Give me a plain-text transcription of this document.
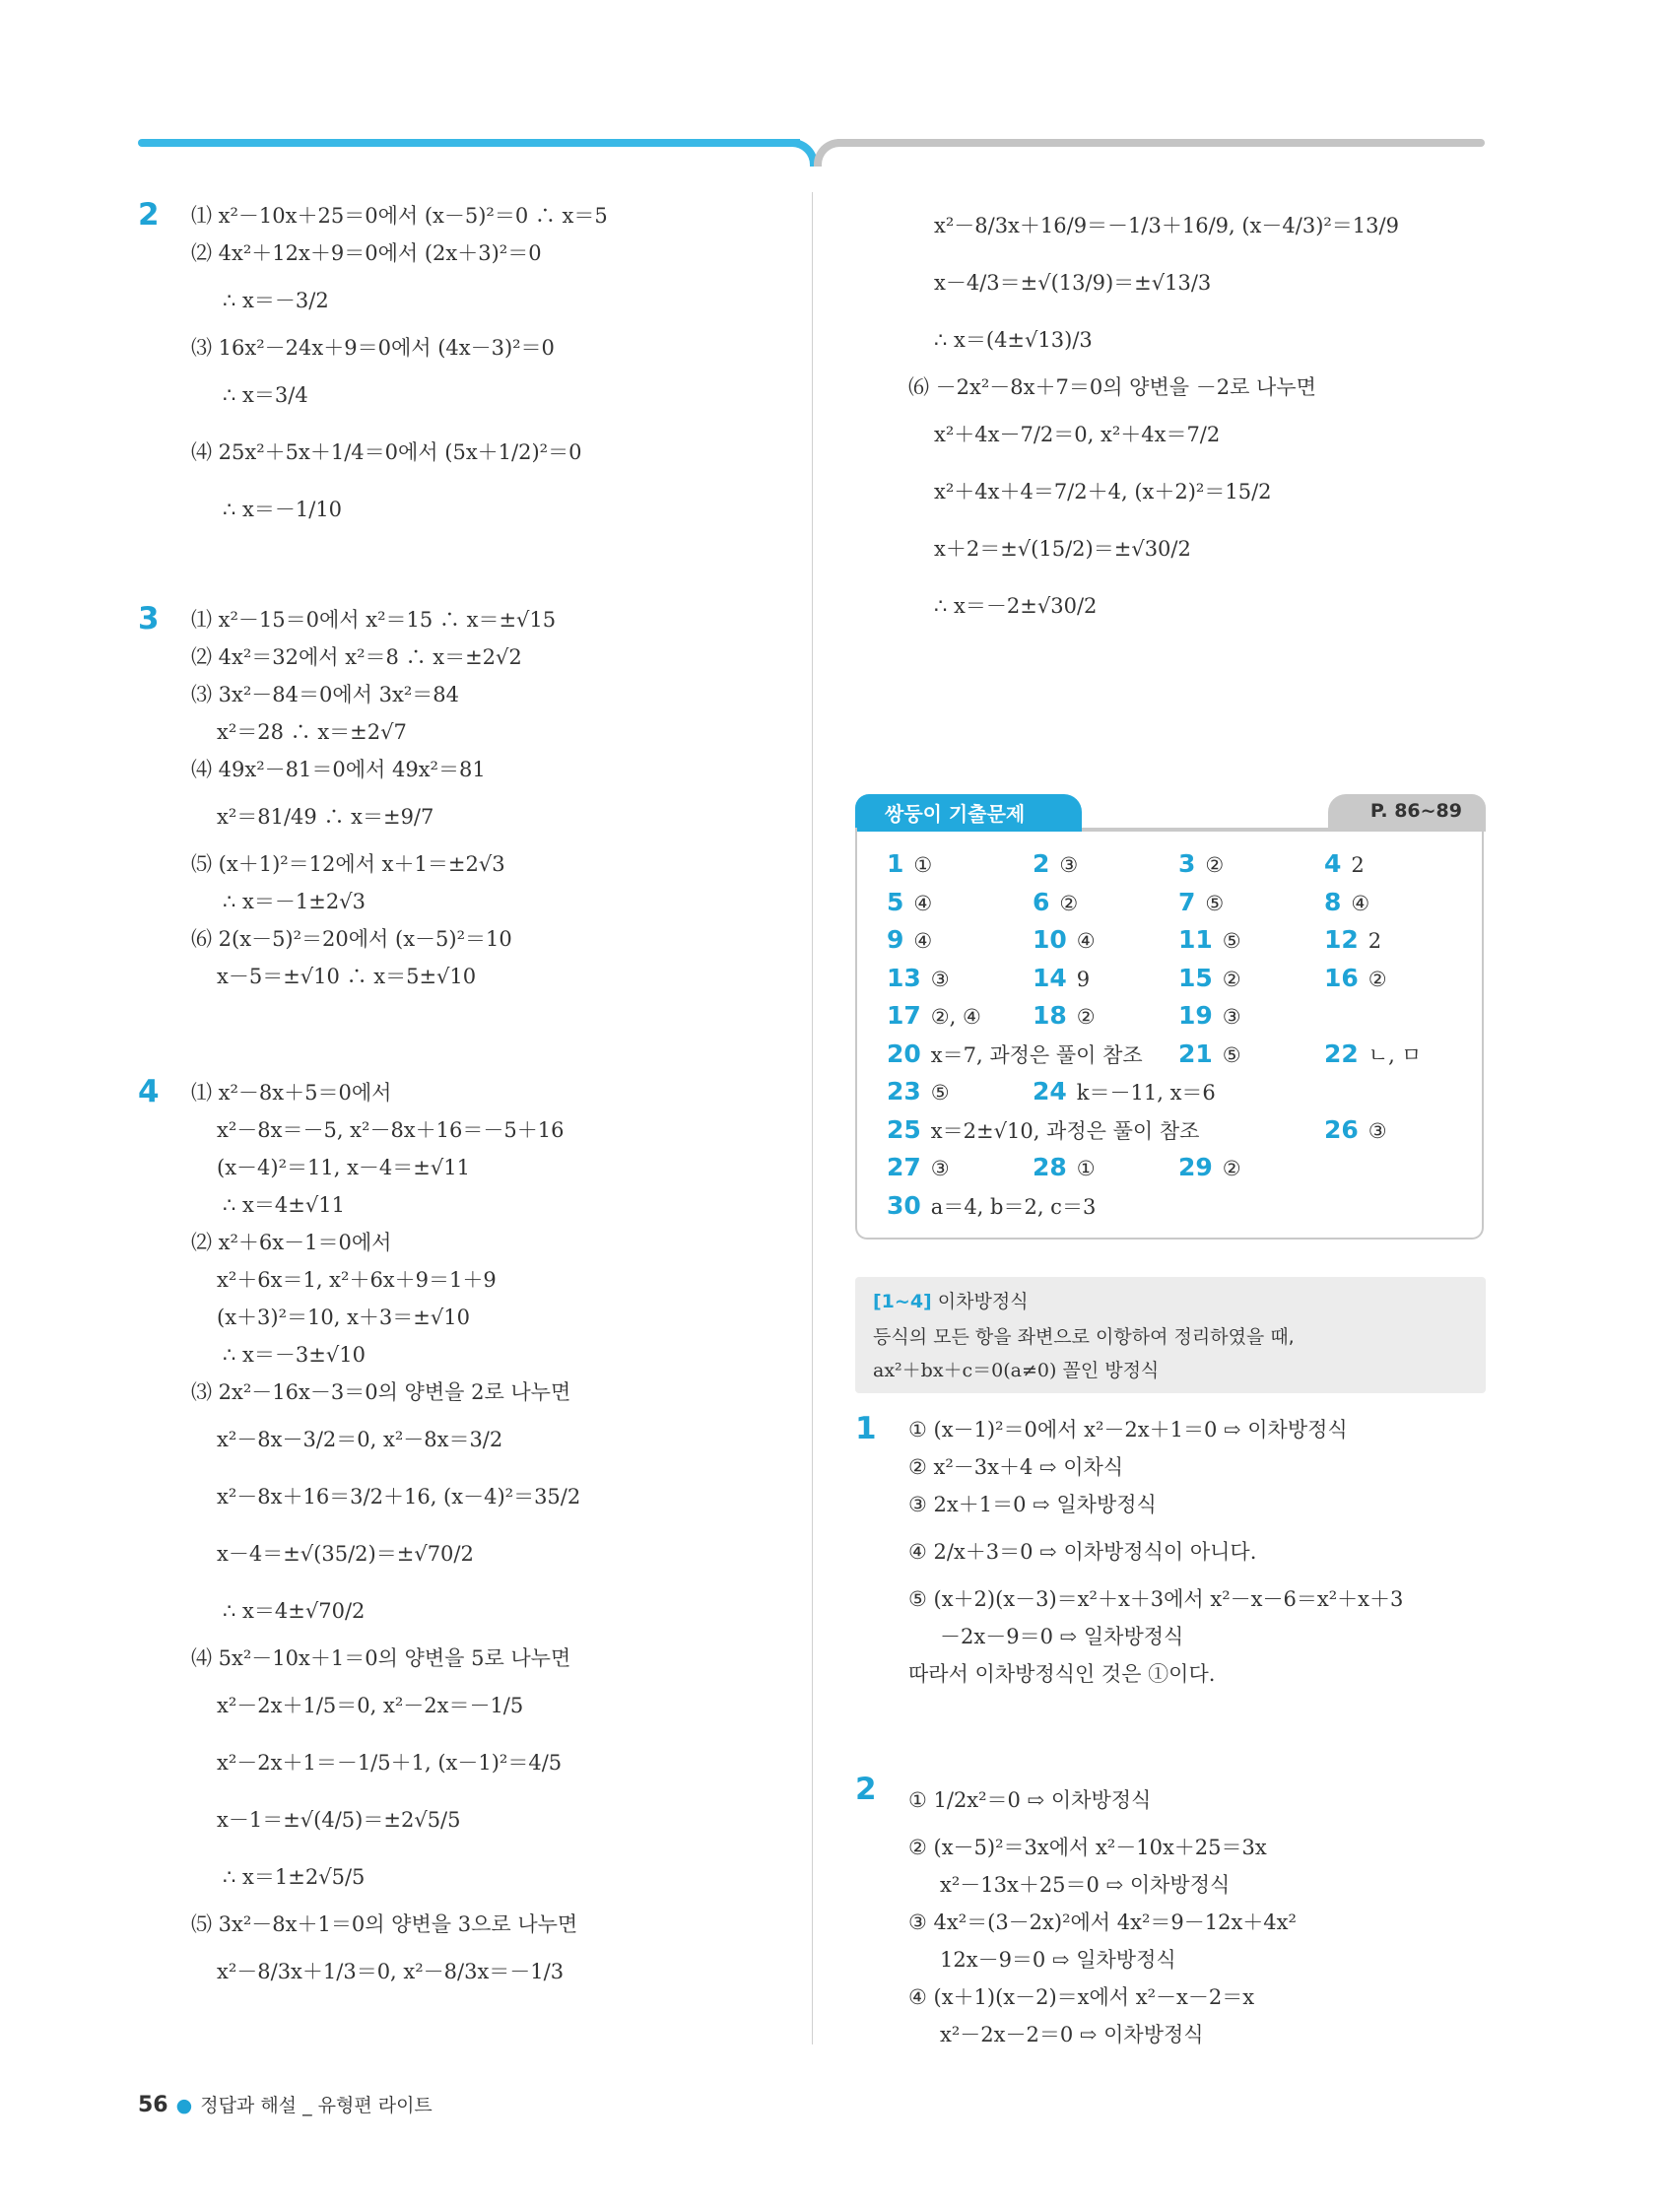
2 ⑴ x²－10x＋25＝0에서 (x－5)²＝0 ∴ x＝5
⑵ 4x²＋12x＋9＝0에서 (2x＋3)²＝0
∴ x＝－3/2
⑶ 16x²－24x＋9＝0에서 (4x－3)²＝0
∴ x＝3/4
⑷ 25x²＋5x＋1/4＝0에서 (5x＋1/2)²＝0
∴ x＝－1/10
3 ⑴ x²－15＝0에서 x²＝15 ∴ x＝±√15
⑵ 4x²＝32에서 x²＝8 ∴ x＝±2√2
⑶ 3x²－84＝0에서 3x²＝84
x²＝28 ∴ x＝±2√7
⑷ 49x²－81＝0에서 49x²＝81
x²＝81/49 ∴ x＝±9/7
⑸ (x＋1)²＝12에서 x＋1＝±2√3
∴ x＝－1±2√3
⑹ 2(x－5)²＝20에서 (x－5)²＝10
x－5＝±√10 ∴ x＝5±√10
4 ⑴ x²－8x＋5＝0에서
x²－8x＝－5, x²－8x＋16＝－5＋16
(x－4)²＝11, x－4＝±√11
∴ x＝4±√11
⑵ x²＋6x－1＝0에서
x²＋6x＝1, x²＋6x＋9＝1＋9
(x＋3)²＝10, x＋3＝±√10
∴ x＝－3±√10
⑶ 2x²－16x－3＝0의 양변을 2로 나누면
x²－8x－3/2＝0, x²－8x＝3/2
x²－8x＋16＝3/2＋16, (x－4)²＝35/2
x－4＝±√(35/2)＝±√70/2
∴ x＝4±√70/2
⑷ 5x²－10x＋1＝0의 양변을 5로 나누면
x²－2x＋1/5＝0, x²－2x＝－1/5
x²－2x＋1＝－1/5＋1, (x－1)²＝4/5
x－1＝±√(4/5)＝±2√5/5
∴ x＝1±2√5/5
⑸ 3x²－8x＋1＝0의 양변을 3으로 나누면
x²－8/3x＋1/3＝0, x²－8/3x＝－1/3
x²－8/3x＋16/9＝－1/3＋16/9, (x－4/3)²＝13/9
x－4/3＝±√(13/9)＝±√13/3
∴ x＝(4±√13)/3
⑹ －2x²－8x＋7＝0의 양변을 －2로 나누면
x²＋4x－7/2＝0, x²＋4x＝7/2
x²＋4x＋4＝7/2＋4, (x＋2)²＝15/2
x＋2＝±√(15/2)＝±√30/2
∴ x＝－2±√30/2
1 ① (x－1)²＝0에서 x²－2x＋1＝0 ⇨ 이차방정식
② x²－3x＋4 ⇨ 이차식
③ 2x＋1＝0 ⇨ 일차방정식
④ 2/x＋3＝0 ⇨ 이차방정식이 아니다.
⑤ (x＋2)(x－3)＝x²＋x＋3에서 x²－x－6＝x²＋x＋3
－2x－9＝0 ⇨ 일차방정식
따라서 이차방정식인 것은 ①이다.
2 ① 1/2x²＝0 ⇨ 이차방정식
② (x－5)²＝3x에서 x²－10x＋25＝3x
x²－13x＋25＝0 ⇨ 이차방정식
③ 4x²＝(3－2x)²에서 4x²＝9－12x＋4x²
12x－9＝0 ⇨ 일차방정식
④ (x＋1)(x－2)＝x에서 x²－x－2＝x
x²－2x－2＝0 ⇨ 이차방정식
쌍둥이 기출문제	P. 86~89
1 ①	2 ③	3 ②	4 2
5 ④	6 ②	7 ⑤	8 ④
9 ④	10 ④	11 ⑤	12 2
13 ③	14 9	15 ②	16 ②
17 ②, ④ 18 ②	19 ③
20 x＝7, 과정은 풀이 참조 21 ⑤	22 ㄴ, ㅁ
23 ⑤	24 k＝－11, x＝6
25 x＝2±√10, 과정은 풀이 참조	26 ③
27 ③	28 ①	29 ②
30 a＝4, b＝2, c＝3
[1~4] 이차방정식
등식의 모든 항을 좌변으로 이항하여 정리하였을 때,
ax²＋bx＋c＝0(a≠0) 꼴인 방정식
56 ● 정답과 해설 _ 유형편 라이트
